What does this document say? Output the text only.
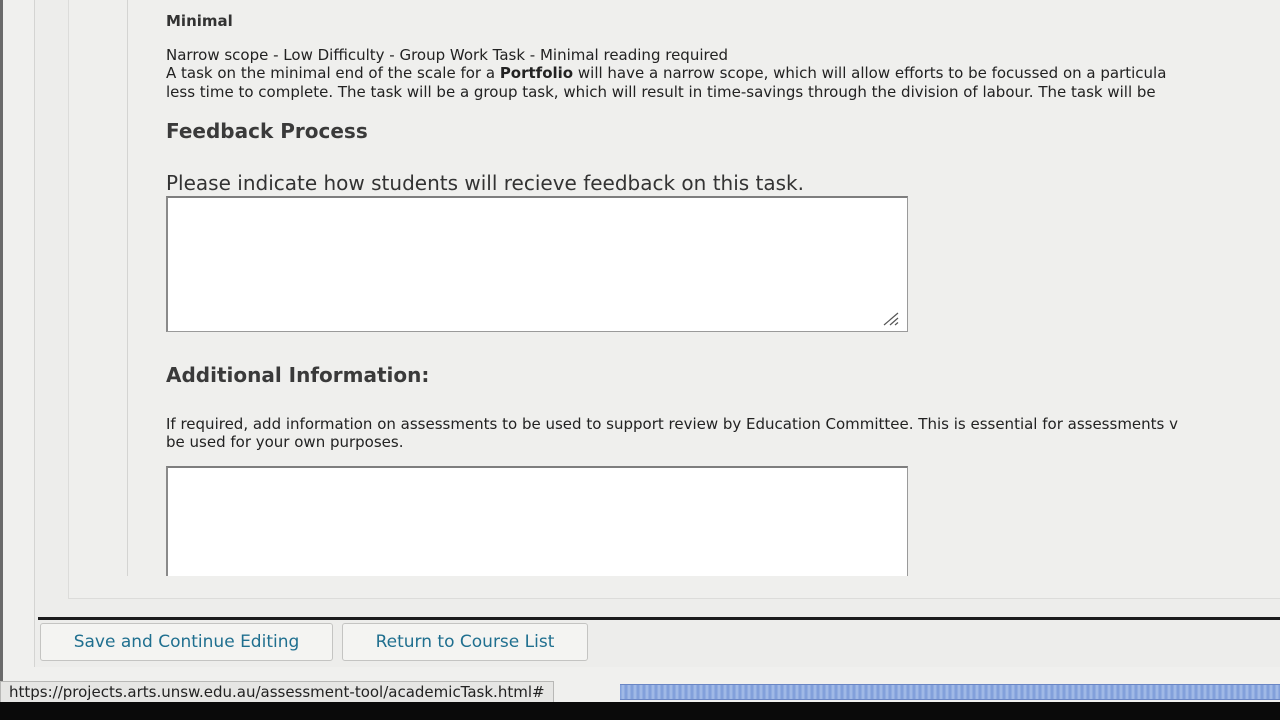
Minimal
Narrow scope - Low Difficulty - Group Work Task - Minimal reading required
A task on the minimal end of the scale for a Portfolio will have a narrow scope, which will allow efforts to be focussed on a particula
less time to complete. The task will be a group task, which will result in time-savings through the division of labour. The task will be
Feedback Process
Please indicate how students will recieve feedback on this task.
Additional Information:
If required, add information on assessments to be used to support review by Education Committee. This is essential for assessments v
be used for your own purposes.
Save and Continue Editing	Return to Course List
https://projects.arts.unsw.edu.au/assessment-tool/academicTask.html#
